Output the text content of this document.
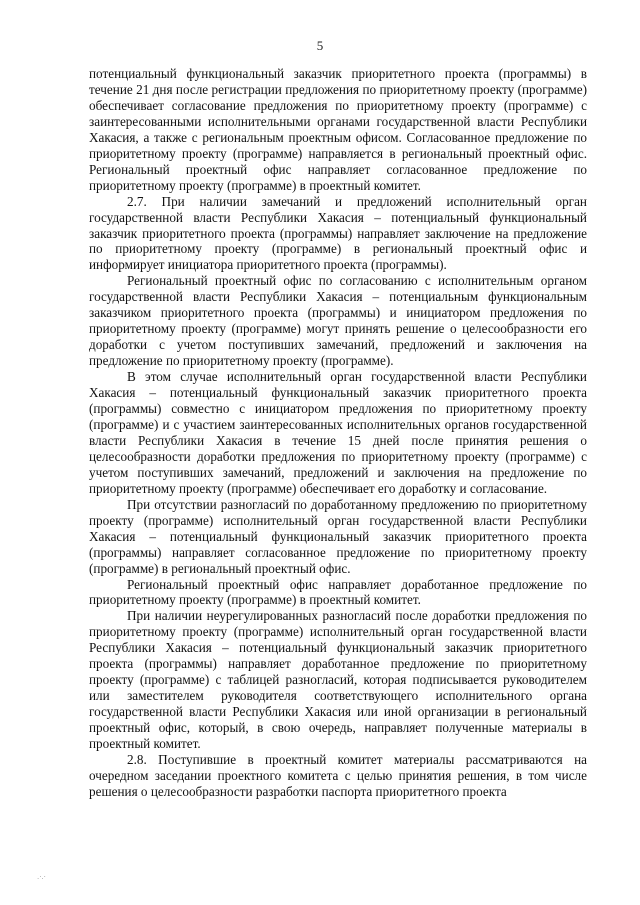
5

потенциальный функциональный заказчик приоритетного проекта (программы) в течение 21 дня после регистрации предложения по приоритетному проекту (программе) обеспечивает согласование предложения по приоритетному проекту (программе) с заинтересованными исполнительными органами государственной власти Республики Хакасия, а также с региональным проектным офисом. Согласованное предложение по приоритетному проекту (программе) направляется в региональный проектный офис. Региональный проектный офис направляет согласованное предложение по приоритетному проекту (программе) в проектный комитет.

2.7. При наличии замечаний и предложений исполнительный орган государственной власти Республики Хакасия – потенциальный функциональный заказчик приоритетного проекта (программы) направляет заключение на предложение по приоритетному проекту (программе) в региональный проектный офис и информирует инициатора приоритетного проекта (программы).

Региональный проектный офис по согласованию с исполнительным органом государственной власти Республики Хакасия – потенциальным функциональным заказчиком приоритетного проекта (программы) и инициатором предложения по приоритетному проекту (программе) могут принять решение о целесообразности его доработки с учетом поступивших замечаний, предложений и заключения на предложение по приоритетному проекту (программе).

В этом случае исполнительный орган государственной власти Республики Хакасия – потенциальный функциональный заказчик приоритетного проекта (программы) совместно с инициатором предложения по приоритетному проекту (программе) и с участием заинтересованных исполнительных органов государственной власти Республики Хакасия в течение 15 дней после принятия решения о целесообразности доработки предложения по приоритетному проекту (программе) с учетом поступивших замечаний, предложений и заключения на предложение по приоритетному проекту (программе) обеспечивает его доработку и согласование.

При отсутствии разногласий по доработанному предложению по приоритетному проекту (программе) исполнительный орган государственной власти Республики Хакасия – потенциальный функциональный заказчик приоритетного проекта (программы) направляет согласованное предложение по приоритетному проекту (программе) в региональный проектный офис.

Региональный проектный офис направляет доработанное предложение по приоритетному проекту (программе) в проектный комитет.

При наличии неурегулированных разногласий после доработки предложения по приоритетному проекту (программе) исполнительный орган государственной власти Республики Хакасия – потенциальный функциональный заказчик приоритетного проекта (программы) направляет доработанное предложение по приоритетному проекту (программе) с таблицей разногласий, которая подписывается руководителем или заместителем руководителя соответствующего исполнительного органа государственной власти Республики Хакасия или иной организации в региональный проектный офис, который, в свою очередь, направляет полученные материалы в проектный комитет.

2.8. Поступившие в проектный комитет материалы рассматриваются на очередном заседании проектного комитета с целью принятия решения, в том числе решения о целесообразности разработки паспорта приоритетного проекта

᠎.·.·
